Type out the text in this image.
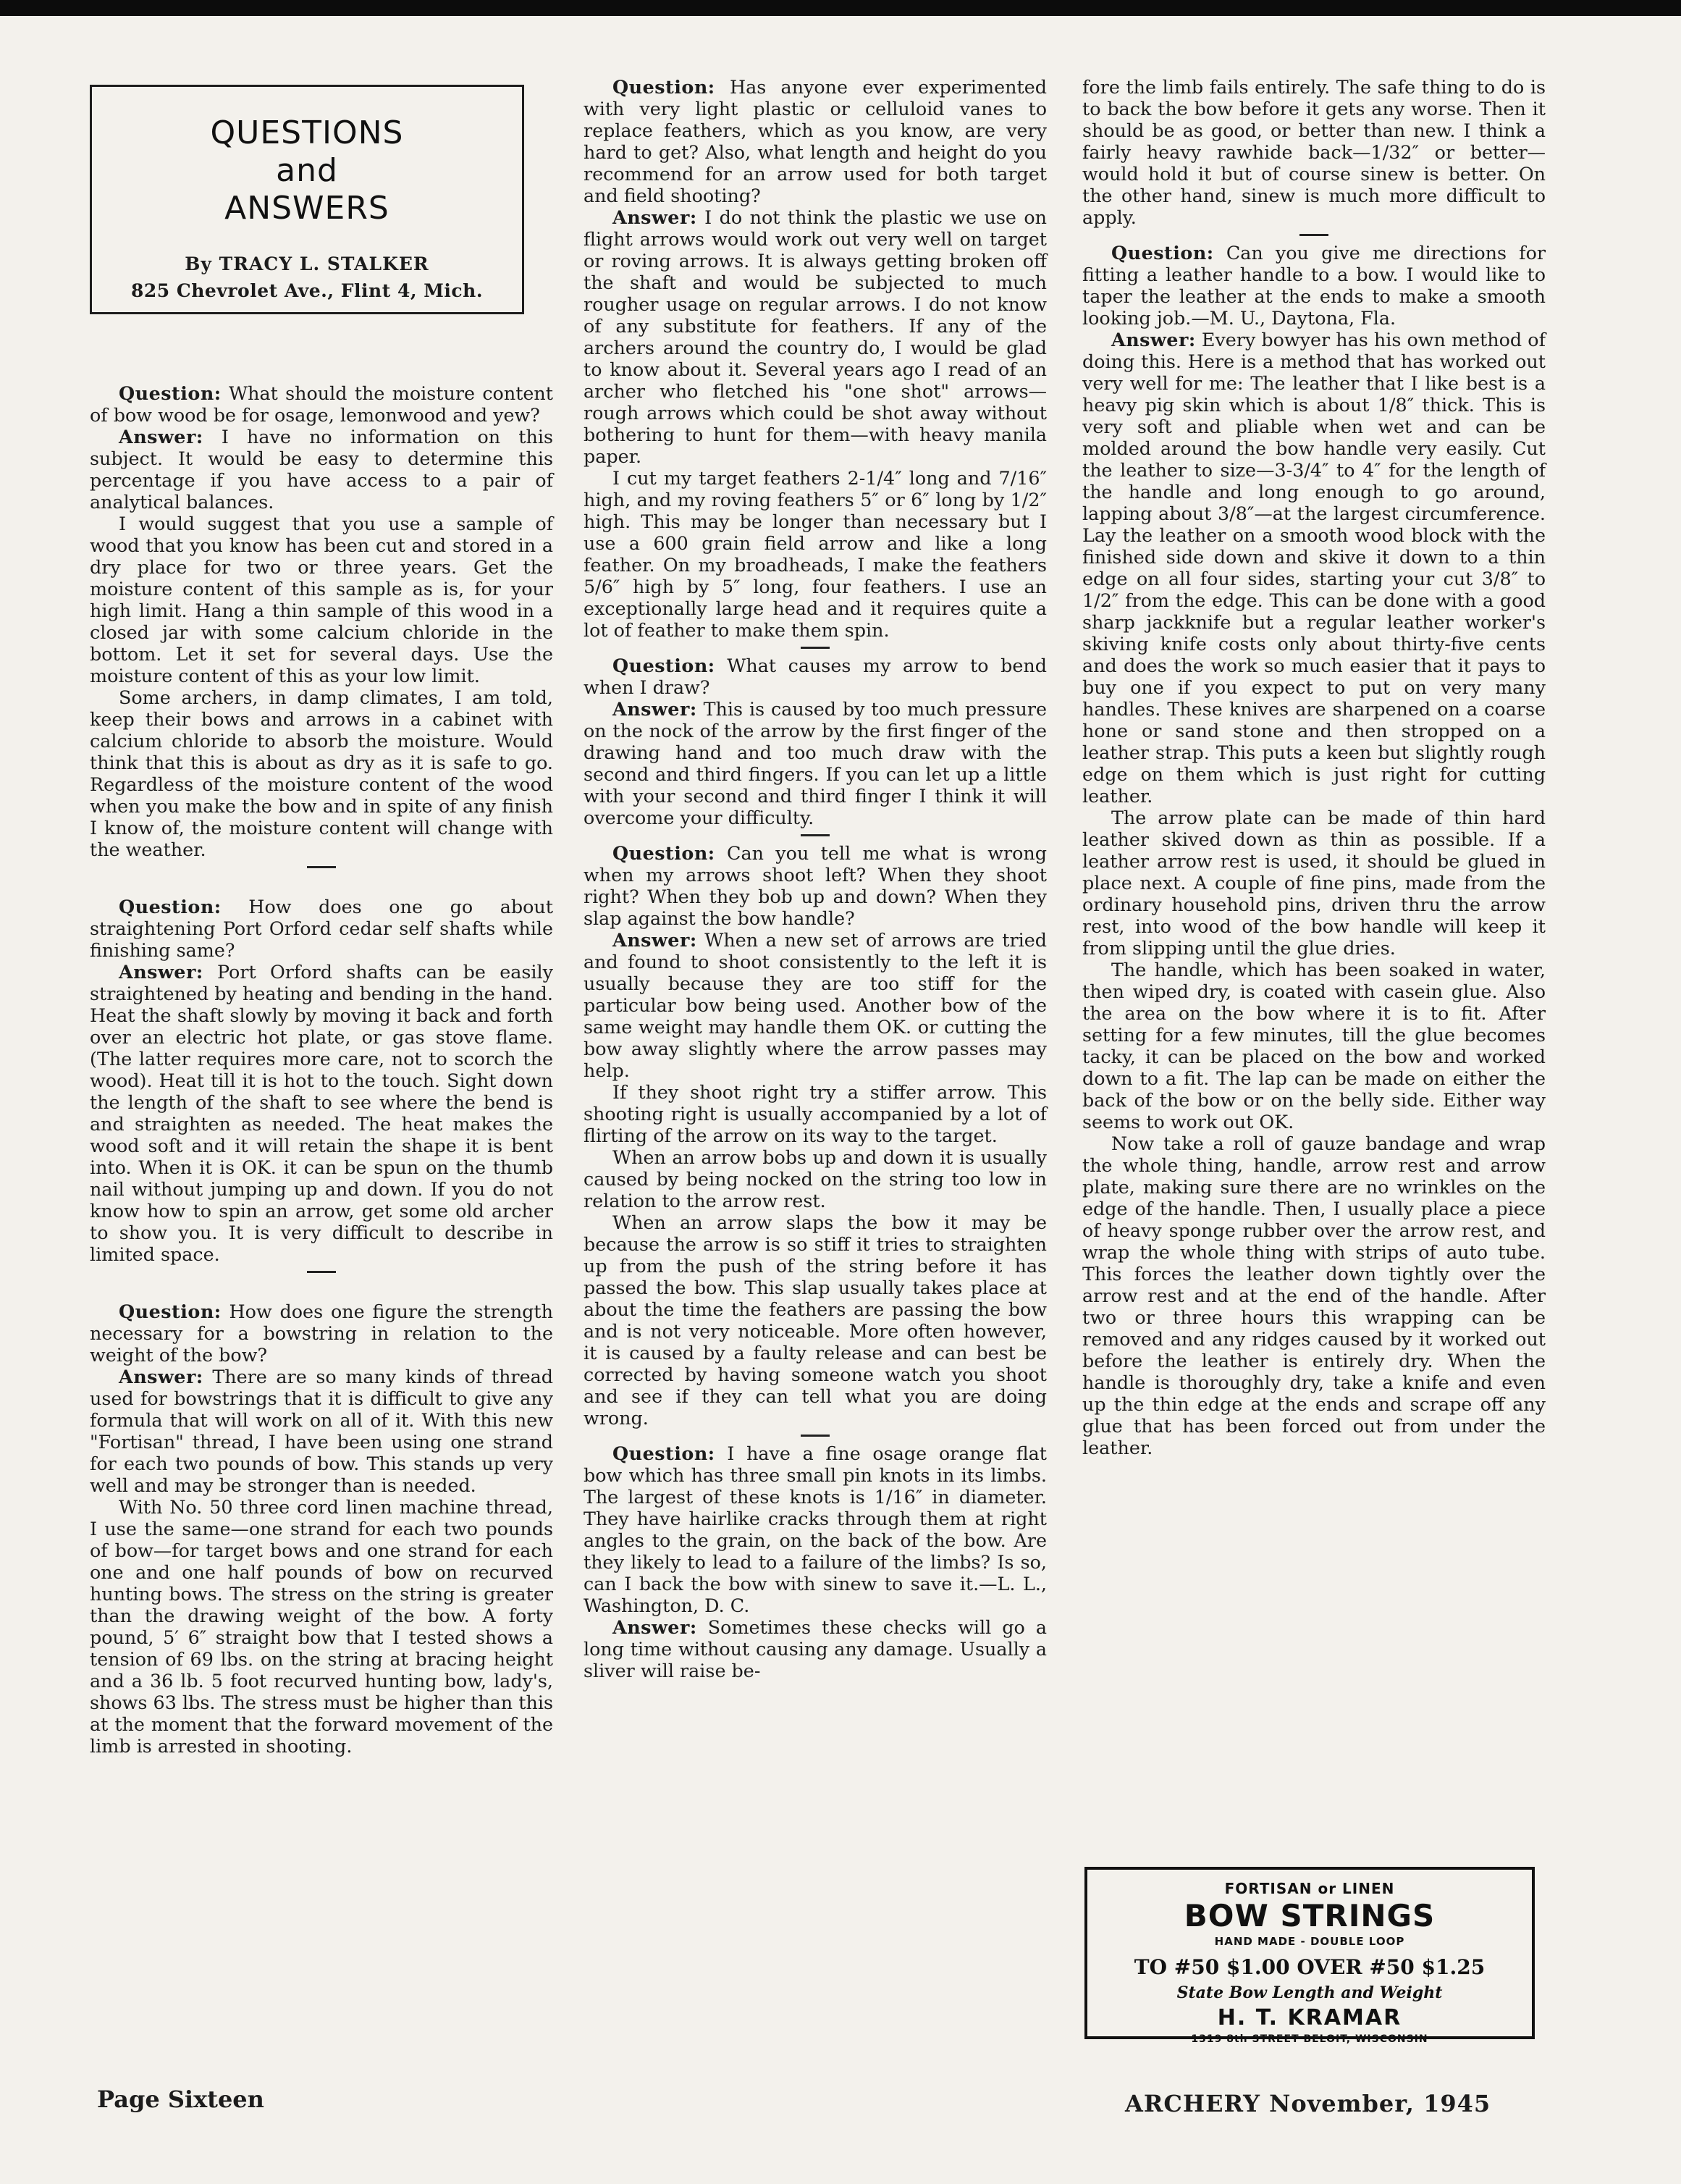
QUESTIONS
and
ANSWERS
By TRACY L. STALKER
825 Chevrolet Ave., Flint 4, Mich.

Question: What should the moisture content of bow wood be for osage, lemonwood and yew?

Answer: I have no information on this subject. It would be easy to determine this percentage if you have access to a pair of analytical balances.

I would suggest that you use a sample of wood that you know has been cut and stored in a dry place for two or three years. Get the moisture content of this sample as is, for your high limit. Hang a thin sample of this wood in a closed jar with some calcium chloride in the bottom. Let it set for several days. Use the moisture content of this as your low limit.

Some archers, in damp climates, I am told, keep their bows and arrows in a cabinet with calcium chloride to absorb the moisture. Would think that this is about as dry as it is safe to go. Regardless of the moisture content of the wood when you make the bow and in spite of any finish I know of, the moisture content will change with the weather.

Question: How does one go about straightening Port Orford cedar self shafts while finishing same?

Answer: Port Orford shafts can be easily straightened by heating and bending in the hand. Heat the shaft slowly by moving it back and forth over an electric hot plate, or gas stove flame. (The latter requires more care, not to scorch the wood). Heat till it is hot to the touch. Sight down the length of the shaft to see where the bend is and straighten as needed. The heat makes the wood soft and it will retain the shape it is bent into. When it is OK. it can be spun on the thumb nail without jumping up and down. If you do not know how to spin an arrow, get some old archer to show you. It is very difficult to describe in limited space.

Question: How does one figure the strength necessary for a bowstring in relation to the weight of the bow?

Answer: There are so many kinds of thread used for bowstrings that it is difficult to give any formula that will work on all of it. With this new "Fortisan" thread, I have been using one strand for each two pounds of bow. This stands up very well and may be stronger than is needed.

With No. 50 three cord linen machine thread, I use the same—one strand for each two pounds of bow—for target bows and one strand for each one and one half pounds of bow on recurved hunting bows. The stress on the string is greater than the drawing weight of the bow. A forty pound, 5′ 6″ straight bow that I tested shows a tension of 69 lbs. on the string at bracing height and a 36 lb. 5 foot recurved hunting bow, lady's, shows 63 lbs. The stress must be higher than this at the moment that the forward movement of the limb is arrested in shooting.

Question: Has anyone ever experimented with very light plastic or celluloid vanes to replace feathers, which as you know, are very hard to get? Also, what length and height do you recommend for an arrow used for both target and field shooting?

Answer: I do not think the plastic we use on flight arrows would work out very well on target or roving arrows. It is always getting broken off the shaft and would be subjected to much rougher usage on regular arrows. I do not know of any substitute for feathers. If any of the archers around the country do, I would be glad to know about it. Several years ago I read of an archer who fletched his "one shot" arrows—rough arrows which could be shot away without bothering to hunt for them—with heavy manila paper.

I cut my target feathers 2-1/4″ long and 7/16″ high, and my roving feathers 5″ or 6″ long by 1/2″ high. This may be longer than necessary but I use a 600 grain field arrow and like a long feather. On my broadheads, I make the feathers 5/6″ high by 5″ long, four feathers. I use an exceptionally large head and it requires quite a lot of feather to make them spin.

Question: What causes my arrow to bend when I draw?

Answer: This is caused by too much pressure on the nock of the arrow by the first finger of the drawing hand and too much draw with the second and third fingers. If you can let up a little with your second and third finger I think it will overcome your difficulty.

Question: Can you tell me what is wrong when my arrows shoot left? When they shoot right? When they bob up and down? When they slap against the bow handle?

Answer: When a new set of arrows are tried and found to shoot consistently to the left it is usually because they are too stiff for the particular bow being used. Another bow of the same weight may handle them OK. or cutting the bow away slightly where the arrow passes may help.

If they shoot right try a stiffer arrow. This shooting right is usually accompanied by a lot of flirting of the arrow on its way to the target.

When an arrow bobs up and down it is usually caused by being nocked on the string too low in relation to the arrow rest.

When an arrow slaps the bow it may be because the arrow is so stiff it tries to straighten up from the push of the string before it has passed the bow. This slap usually takes place at about the time the feathers are passing the bow and is not very noticeable. More often however, it is caused by a faulty release and can best be corrected by having someone watch you shoot and see if they can tell what you are doing wrong.

Question: I have a fine osage orange flat bow which has three small pin knots in its limbs. The largest of these knots is 1/16″ in diameter. They have hairlike cracks through them at right angles to the grain, on the back of the bow. Are they likely to lead to a failure of the limbs? Is so, can I back the bow with sinew to save it.—L. L., Washington, D. C.

Answer: Sometimes these checks will go a long time without causing any damage. Usually a sliver will raise be-

fore the limb fails entirely. The safe thing to do is to back the bow before it gets any worse. Then it should be as good, or better than new. I think a fairly heavy rawhide back—1/32″ or better—would hold it but of course sinew is better. On the other hand, sinew is much more difficult to apply.

Question: Can you give me directions for fitting a leather handle to a bow. I would like to taper the leather at the ends to make a smooth looking job.—M. U., Daytona, Fla.

Answer: Every bowyer has his own method of doing this. Here is a method that has worked out very well for me: The leather that I like best is a heavy pig skin which is about 1/8″ thick. This is very soft and pliable when wet and can be molded around the bow handle very easily. Cut the leather to size—3-3/4″ to 4″ for the length of the handle and long enough to go around, lapping about 3/8″—at the largest circumference. Lay the leather on a smooth wood block with the finished side down and skive it down to a thin edge on all four sides, starting your cut 3/8″ to 1/2″ from the edge. This can be done with a good sharp jackknife but a regular leather worker's skiving knife costs only about thirty-five cents and does the work so much easier that it pays to buy one if you expect to put on very many handles. These knives are sharpened on a coarse hone or sand stone and then stropped on a leather strap. This puts a keen but slightly rough edge on them which is just right for cutting leather.

The arrow plate can be made of thin hard leather skived down as thin as possible. If a leather arrow rest is used, it should be glued in place next. A couple of fine pins, made from the ordinary household pins, driven thru the arrow rest, into wood of the bow handle will keep it from slipping until the glue dries.

The handle, which has been soaked in water, then wiped dry, is coated with casein glue. Also the area on the bow where it is to fit. After setting for a few minutes, till the glue becomes tacky, it can be placed on the bow and worked down to a fit. The lap can be made on either the back of the bow or on the belly side. Either way seems to work out OK.

Now take a roll of gauze bandage and wrap the whole thing, handle, arrow rest and arrow plate, making sure there are no wrinkles on the edge of the handle. Then, I usually place a piece of heavy sponge rubber over the arrow rest, and wrap the whole thing with strips of auto tube. This forces the leather down tightly over the arrow rest and at the end of the handle. After two or three hours this wrapping can be removed and any ridges caused by it worked out before the leather is entirely dry. When the handle is thoroughly dry, take a knife and even up the thin edge at the ends and scrape off any glue that has been forced out from under the leather.

FORTISAN or LINEN
BOW STRINGS
HAND MADE - DOUBLE LOOP
TO #50 $1.00 OVER #50 $1.25
State Bow Length and Weight
H. T. KRAMAR
1319 8th STREET BELOIT, WISCONSIN
Page Sixteen	ARCHERY November, 1945
